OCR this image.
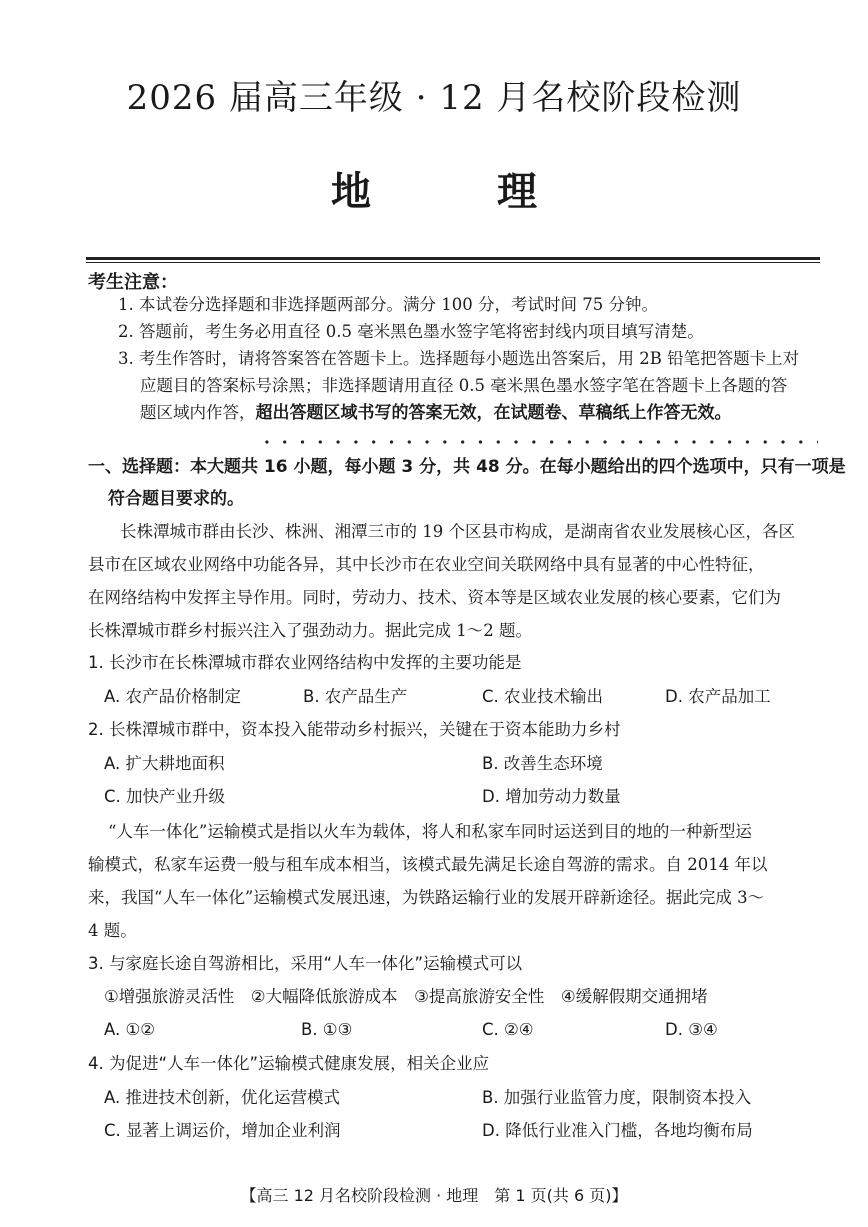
2026 届高三年级 · 12 月名校阶段检测
地 理
考生注意：
1. 本试卷分选择题和非选择题两部分。满分 100 分，考试时间 75 分钟。
2. 答题前，考生务必用直径 0.5 毫米黑色墨水签字笔将密封线内项目填写清楚。
3. 考生作答时，请将答案答在答题卡上。选择题每小题选出答案后，用 2B 铅笔把答题卡上对
应题目的答案标号涂黑；非选择题请用直径 0.5 毫米黑色墨水签字笔在答题卡上各题的答
题区域内作答，超出答题区域书写的答案无效，在试题卷、草稿纸上作答无效。
一、选择题：本大题共 16 小题，每小题 3 分，共 48 分。在每小题给出的四个选项中，只有一项是
符合题目要求的。
长株潭城市群由长沙、株洲、湘潭三市的 19 个区县市构成，是湖南省农业发展核心区，各区
县市在区域农业网络中功能各异，其中长沙市在农业空间关联网络中具有显著的中心性特征，
在网络结构中发挥主导作用。同时，劳动力、技术、资本等是区域农业发展的核心要素，它们为
长株潭城市群乡村振兴注入了强劲动力。据此完成 1～2 题。
1. 长沙市在长株潭城市群农业网络结构中发挥的主要功能是
A. 农产品价格制定	B. 农产品生产	C. 农业技术输出	D. 农产品加工
2. 长株潭城市群中，资本投入能带动乡村振兴，关键在于资本能助力乡村
A. 扩大耕地面积	B. 改善生态环境
C. 加快产业升级	D. 增加劳动力数量
“人车一体化”运输模式是指以火车为载体，将人和私家车同时运送到目的地的一种新型运
输模式，私家车运费一般与租车成本相当，该模式最先满足长途自驾游的需求。自 2014 年以
来，我国“人车一体化”运输模式发展迅速，为铁路运输行业的发展开辟新途径。据此完成 3～
4 题。
3. 与家庭长途自驾游相比，采用“人车一体化”运输模式可以
①增强旅游灵活性　②大幅降低旅游成本　③提高旅游安全性　④缓解假期交通拥堵
A. ①②	B. ①③	C. ②④	D. ③④
4. 为促进“人车一体化”运输模式健康发展，相关企业应
A. 推进技术创新，优化运营模式	B. 加强行业监管力度，限制资本投入
C. 显著上调运价，增加企业利润	D. 降低行业准入门槛，各地均衡布局
【高三 12 月名校阶段检测 · 地理　第 1 页(共 6 页)】
